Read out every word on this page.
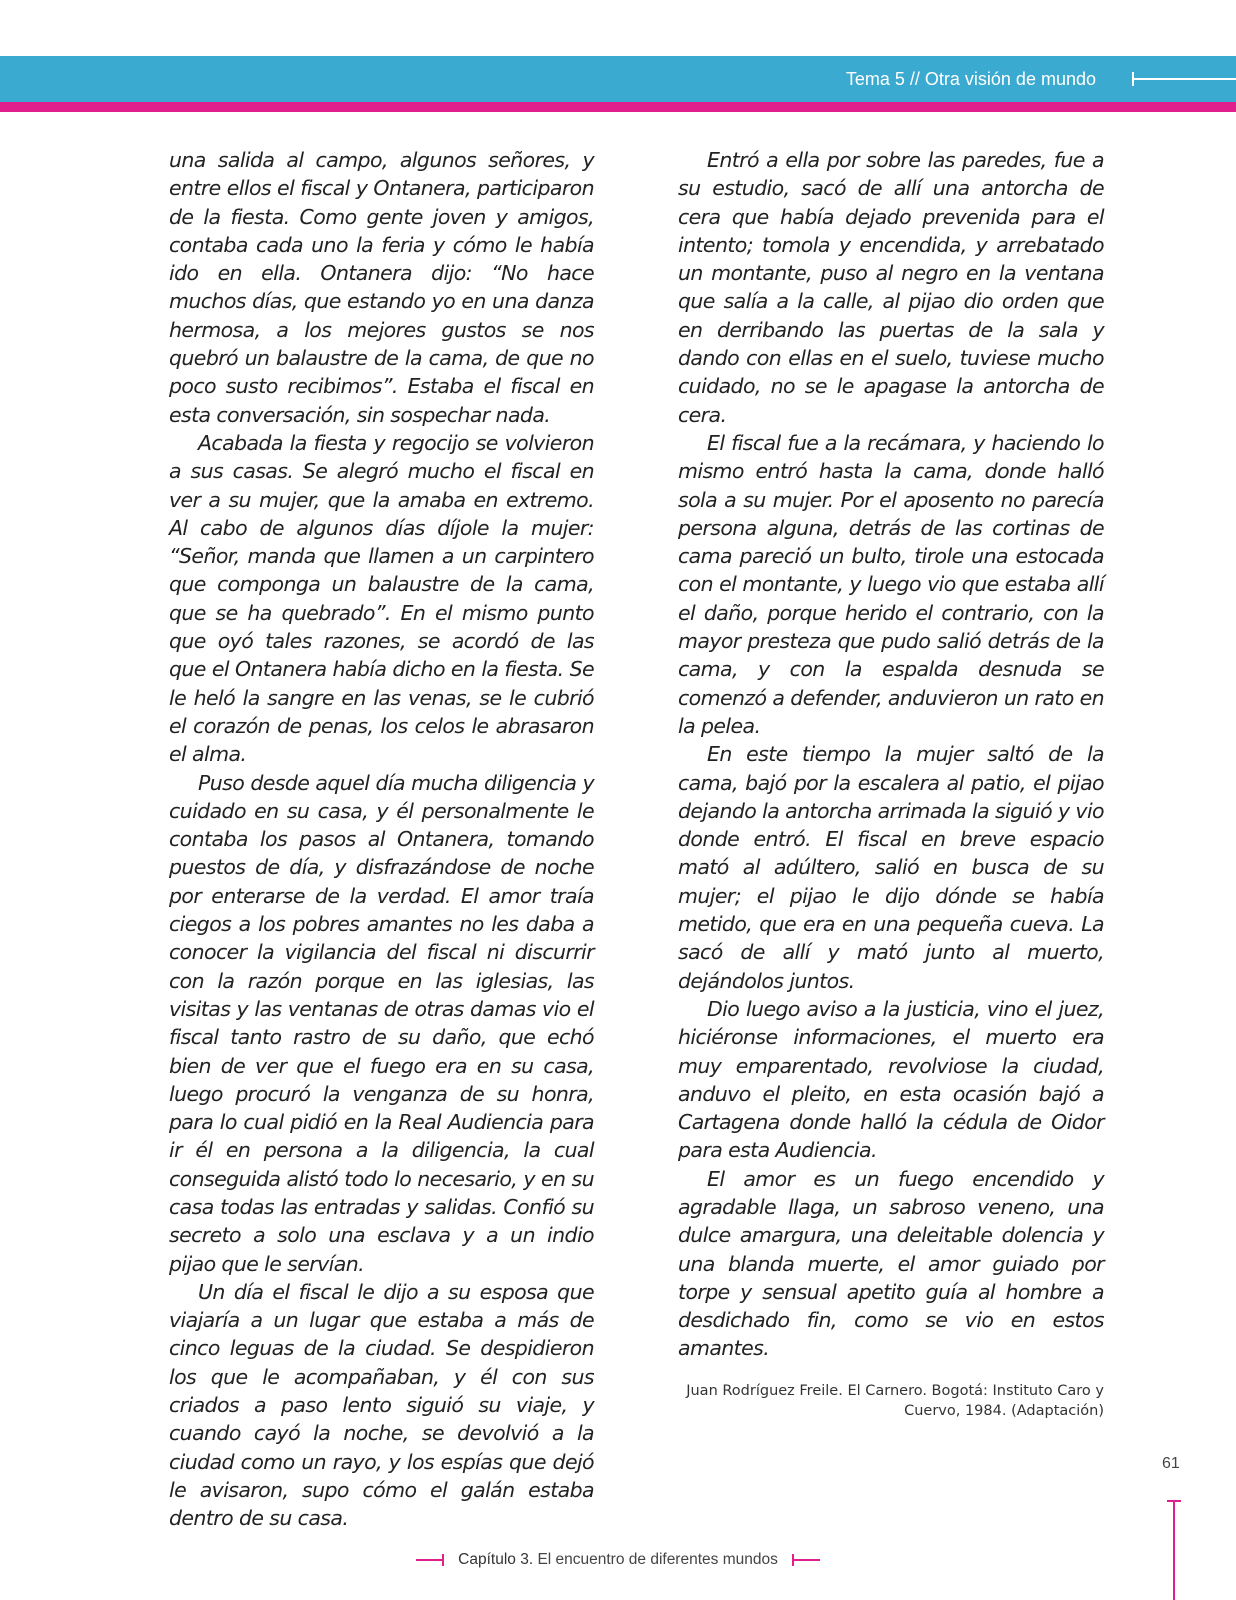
Tema 5 // Otra visión de mundo

una salida al campo, algunos señores, y entre ellos el fiscal y Ontanera, participaron de la fiesta. Como gente joven y amigos, contaba cada uno la feria y cómo le había ido en ella. Ontanera dijo: “No hace muchos días, que estando yo en una danza hermosa, a los mejores gustos se nos quebró un balaustre de la cama, de que no poco susto recibimos”. Estaba el fiscal en esta conversación, sin sospechar nada.

Acabada la fiesta y regocijo se volvieron a sus casas. Se alegró mucho el fiscal en ver a su mujer, que la amaba en extremo. Al cabo de algunos días díjole la mujer: “Señor, manda que llamen a un carpintero que componga un balaustre de la cama, que se ha quebrado”. En el mismo punto que oyó tales razones, se acordó de las que el Ontanera había dicho en la fiesta. Se le heló la sangre en las venas, se le cubrió el corazón de penas, los celos le abrasaron el alma.

Puso desde aquel día mucha diligencia y cuidado en su casa, y él personalmente le contaba los pasos al Ontanera, tomando puestos de día, y disfrazándose de noche por enterarse de la verdad. El amor traía ciegos a los pobres amantes no les daba a conocer la vigilancia del fiscal ni discurrir con la razón porque en las iglesias, las visitas y las ventanas de otras damas vio el fiscal tanto rastro de su daño, que echó bien de ver que el fuego era en su casa, luego procuró la venganza de su honra, para lo cual pidió en la Real Audiencia para ir él en persona a la diligencia, la cual conseguida alistó todo lo necesario, y en su casa todas las entradas y salidas. Confió su secreto a solo una esclava y a un indio pijao que le servían.

Un día el fiscal le dijo a su esposa que viajaría a un lugar que estaba a más de cinco leguas de la ciudad. Se despidieron los que le acompañaban, y él con sus criados a paso lento siguió su viaje, y cuando cayó la noche, se devolvió a la ciudad como un rayo, y los espías que dejó le avisaron, supo cómo el galán estaba dentro de su casa.

Entró a ella por sobre las paredes, fue a su estudio, sacó de allí una antorcha de cera que había dejado prevenida para el intento; tomola y encendida, y arrebatado un montante, puso al negro en la ventana que salía a la calle, al pijao dio orden que en derribando las puertas de la sala y dando con ellas en el suelo, tuviese mucho cuidado, no se le apagase la antorcha de cera.

El fiscal fue a la recámara, y haciendo lo mismo entró hasta la cama, donde halló sola a su mujer. Por el aposento no parecía persona alguna, detrás de las cortinas de cama pareció un bulto, tirole una estocada con el montante, y luego vio que estaba allí el daño, porque herido el contrario, con la mayor presteza que pudo salió detrás de la cama, y con la espalda desnuda se comenzó a defender, anduvieron un rato en la pelea.

En este tiempo la mujer saltó de la cama, bajó por la escalera al patio, el pijao dejando la antorcha arrimada la siguió y vio donde entró. El fiscal en breve espacio mató al adúltero, salió en busca de su mujer; el pijao le dijo dónde se había metido, que era en una pequeña cueva. La sacó de allí y mató junto al muerto, dejándolos juntos.

Dio luego aviso a la justicia, vino el juez, hiciéronse informaciones, el muerto era muy emparentado, revolviose la ciudad, anduvo el pleito, en esta ocasión bajó a Cartagena donde halló la cédula de Oidor para esta Audiencia.

El amor es un fuego encendido y agradable llaga, un sabroso veneno, una dulce amargura, una deleitable dolencia y una blanda muerte, el amor guiado por torpe y sensual apetito guía al hombre a desdichado fin, como se vio en estos amantes.

Juan Rodríguez Freile. El Carnero. Bogotá: Instituto Caro y Cuervo, 1984. (Adaptación)

61
Capítulo 3. El encuentro de diferentes mundos
